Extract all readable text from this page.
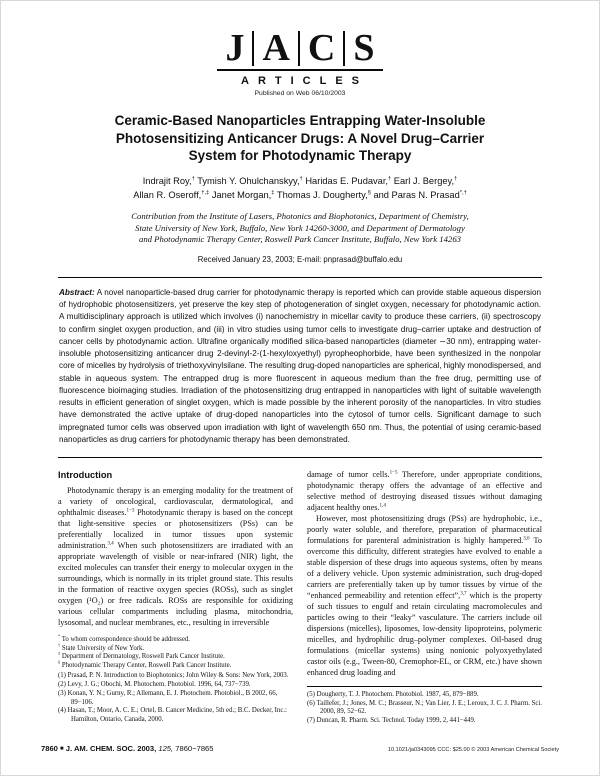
J A C S
ARTICLES
Published on Web 06/10/2003
Ceramic-Based Nanoparticles Entrapping Water-Insoluble
Photosensitizing Anticancer Drugs: A Novel Drug–Carrier
System for Photodynamic Therapy
Indrajit Roy,† Tymish Y. Ohulchanskyy,† Haridas E. Pudavar,† Earl J. Bergey,†
Allan R. Oseroff,†,‡ Janet Morgan,‡ Thomas J. Dougherty,§ and Paras N. Prasad*,†
Contribution from the Institute of Lasers, Photonics and Biophotonics, Department of Chemistry,
State University of New York, Buffalo, New York 14260-3000, and Department of Dermatology
and Photodynamic Therapy Center, Roswell Park Cancer Institute, Buffalo, New York 14263
Received January 23, 2003; E-mail: pnprasad@buffalo.edu
Abstract: A novel nanoparticle-based drug carrier for photodynamic therapy is reported which can provide stable aqueous dispersion of hydrophobic photosensitizers, yet preserve the key step of photogeneration of singlet oxygen, necessary for photodynamic action. A multidisciplinary approach is utilized which involves (i) nanochemistry in micellar cavity to produce these carriers, (ii) spectroscopy to confirm singlet oxygen production, and (iii) in vitro studies using tumor cells to investigate drug–carrier uptake and destruction of cancer cells by photodynamic action. Ultrafine organically modified silica-based nanoparticles (diameter ∼30 nm), entrapping water-insoluble photosensitizing anticancer drug 2-devinyl-2-(1-hexyloxyethyl) pyropheophorbide, have been synthesized in the nonpolar core of micelles by hydrolysis of triethoxyvinylsilane. The resulting drug-doped nanoparticles are spherical, highly monodispersed, and stable in aqueous system. The entrapped drug is more fluorescent in aqueous medium than the free drug, permitting use of fluorescence bioimaging studies. Irradiation of the photosensitizing drug entrapped in nanoparticles with light of suitable wavelength results in efficient generation of singlet oxygen, which is made possible by the inherent porosity of the nanoparticles. In vitro studies have demonstrated the active uptake of drug-doped nanoparticles into the cytosol of tumor cells. Significant damage to such impregnated tumor cells was observed upon irradiation with light of wavelength 650 nm. Thus, the potential of using ceramic-based nanoparticles as drug carriers for photodynamic therapy has been demonstrated.
Introduction

Photodynamic therapy is an emerging modality for the treatment of a variety of oncological, cardiovascular, dermatological, and ophthalmic diseases.$^{1-3}$ Photodynamic therapy is based on the concept that light-sensitive species or photosensitizers (PSs) can be preferentially localized in tumor tissues upon systemic administration.$^{3,4}$ When such photosensitizers are irradiated with an appropriate wavelength of visible or near-infrared (NIR) light, the excited molecules can transfer their energy to molecular oxygen in the surroundings, which is normally in its triplet ground state. This results in the formation of reactive oxygen species (ROSs), such as singlet oxygen (¹O₂) or free radicals. ROSs are responsible for oxidizing various cellular compartments including plasma, mitochondria, lysosomal, and nuclear membranes, etc., resulting in irreversible

* To whom correspondence should be addressed.
† State University of New York.
‡ Department of Dermatology, Roswell Park Cancer Institute.
§ Photodynamic Therapy Center, Roswell Park Cancer Institute.
(1) Prasad, P. N. Introduction to Biophotonics; John Wiley & Sons: New York, 2003.
(2) Levy, J. G.; Obochi, M. Photochem. Photobiol. 1996, 64, 737−739.
(3) Konan, Y. N.; Gurny, R.; Allemann, E. J. Photochem. Photobiol., B 2002, 66, 89−106.
(4) Hasan, T.; Moor, A. C. E.; Ortel, B. Cancer Medicine, 5th ed.; B.C. Decker, Inc.: Hamilton, Ontario, Canada, 2000.

damage of tumor cells.$^{1-5}$ Therefore, under appropriate conditions, photodynamic therapy offers the advantage of an effective and selective method of destroying diseased tissues without damaging adjacent healthy ones.$^{1,4}$

However, most photosensitizing drugs (PSs) are hydrophobic, i.e., poorly water soluble, and therefore, preparation of pharmaceutical formulations for parenteral administration is highly hampered.$^{3,6}$ To overcome this difficulty, different strategies have evolved to enable a stable dispersion of these drugs into aqueous systems, often by means of a delivery vehicle. Upon systemic administration, such drug-doped carriers are preferentially taken up by tumor tissues by virtue of the “enhanced permeability and retention effect”,$^{3,7}$ which is the property of such tissues to engulf and retain circulating macromolecules and particles owing to their “leaky” vasculature. The carriers include oil dispersions (micelles), liposomes, low-density lipoproteins, polymeric micelles, and hydrophilic drug–polymer complexes. Oil-based drug formulations (micellar systems) using nonionic polyoxyethylated castor oils (e.g., Tween-80, Cremophor-EL, or CRM, etc.) have shown enhanced drug loading and

(5) Dougherty, T. J. Photochem. Photobiol. 1987, 45, 879−889.
(6) Taillefer, J.; Jones, M. C.; Brasseur, N.; Van Lier, J. E.; Leroux, J. C. J. Pharm. Sci. 2000, 89, 52−62.
(7) Duncan, R. Pharm. Sci. Technol. Today 1999, 2, 441−449.
7860 ■ J. AM. CHEM. SOC. 2003, 125, 7860−7865	10.1021/ja0343095 CCC: $25.00 © 2003 American Chemical Society
